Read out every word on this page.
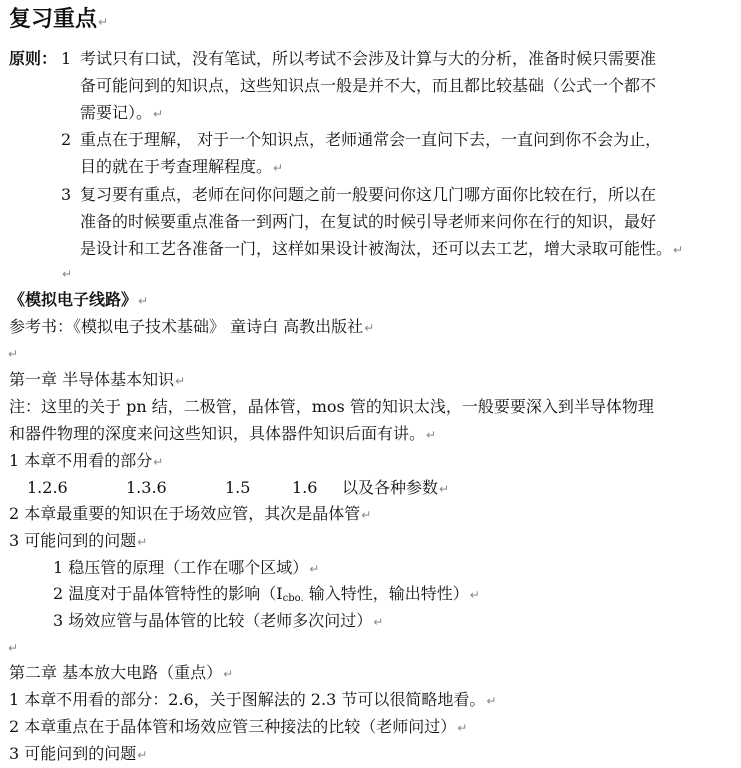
复习重点↵
原则： 1 考试只有口试，没有笔试，所以考试不会涉及计算与大的分析，准备时候只需要准
备可能问到的知识点，这些知识点一般是并不大，而且都比较基础（公式一个都不
需要记）。↵
2 重点在于理解， 对于一个知识点，老师通常会一直问下去，一直问到你不会为止，
目的就在于考查理解程度。↵
3 复习要有重点，老师在问你问题之前一般要问你这几门哪方面你比较在行，所以在
准备的时候要重点准备一到两门，在复试的时候引导老师来问你在行的知识，最好
是设计和工艺各准备一门，这样如果设计被淘汰，还可以去工艺，增大录取可能性。↵
↵
《模拟电子线路》↵
参考书：《模拟电子技术基础》 童诗白 高教出版社↵
↵
第一章 半导体基本知识↵
注：这里的关于 pn 结，二极管，晶体管，mos 管的知识太浅，一般要要深入到半导体物理
和器件物理的深度来问这些知识，具体器件知识后面有讲。↵
1 本章不用看的部分↵
1.2.6	1.3.6	1.5	1.6 以及各种参数↵
2 本章最重要的知识在于场效应管，其次是晶体管↵
3 可能问到的问题↵
1 稳压管的原理（工作在哪个区域）↵
2 温度对于晶体管特性的影响（$I_{cbo.}$ 输入特性，输出特性）↵
3 场效应管与晶体管的比较（老师多次问过）↵
↵
第二章 基本放大电路（重点）↵
1 本章不用看的部分：2.6，关于图解法的 2.3 节可以很简略地看。↵
2 本章重点在于晶体管和场效应管三种接法的比较（老师问过）↵
3 可能问到的问题↵
